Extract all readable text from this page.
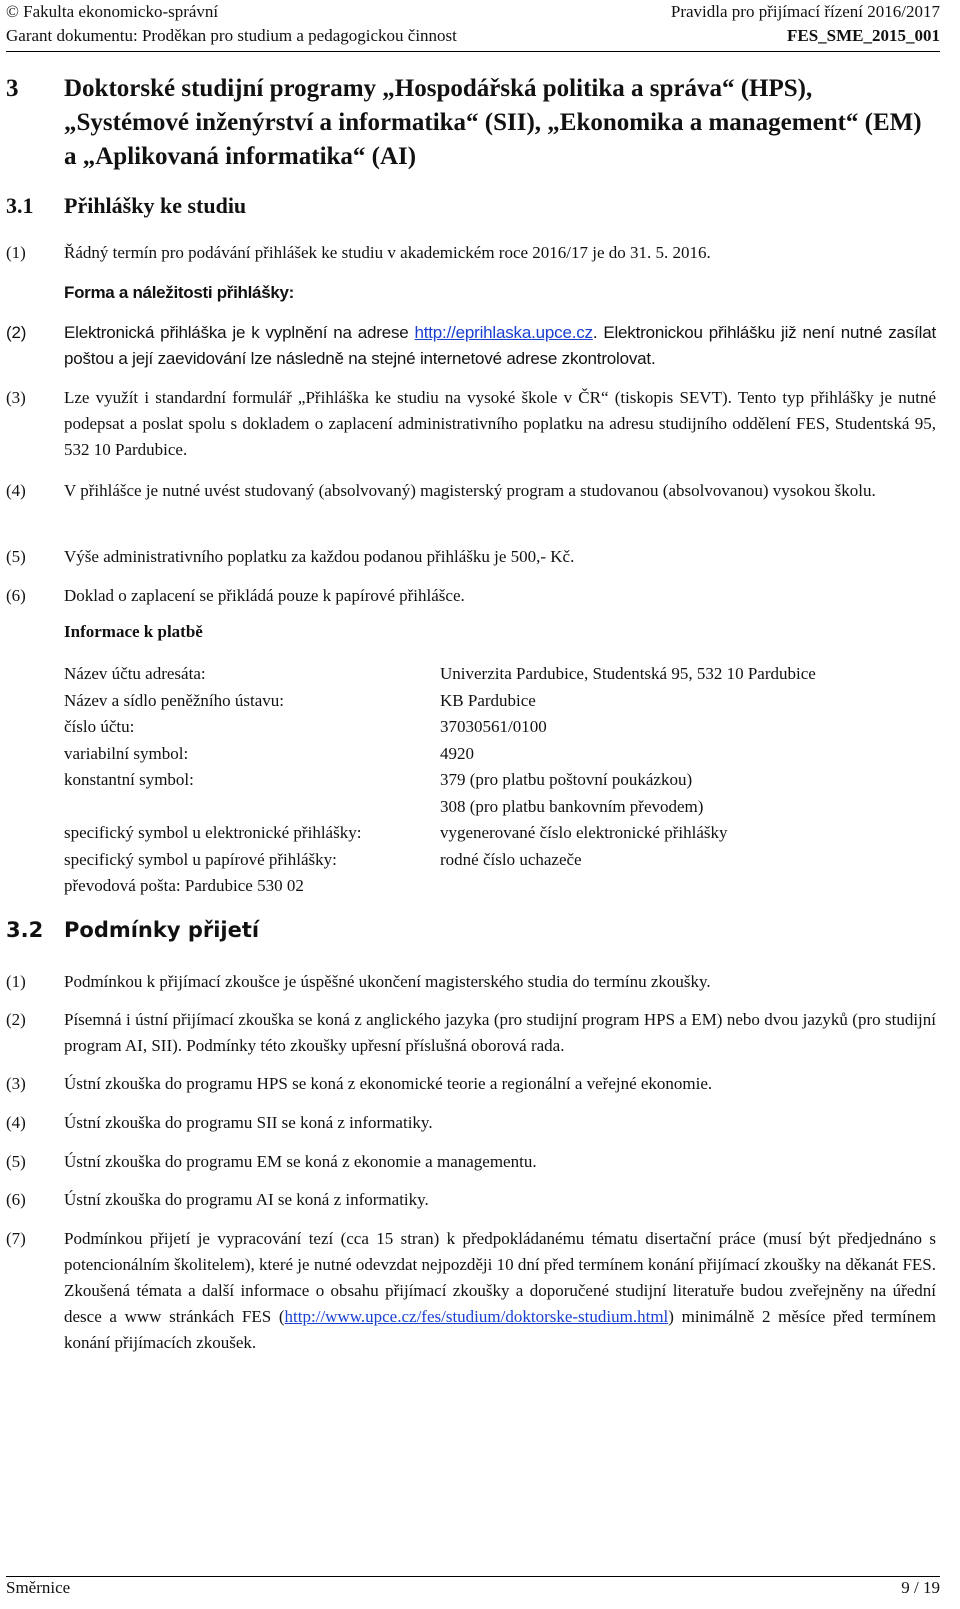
© Fakulta ekonomicko-správní	Pravidla pro přijímací řízení 2016/2017
Garant dokumentu: Proděkan pro studium a pedagogickou činnost	FES_SME_2015_001
3 Doktorské studijní programy „Hospodářská politika a správa“ (HPS), „Systémové inženýrství a informatika“ (SII), „Ekonomika a management“ (EM) a „Aplikovaná informatika“ (AI)
3.1 Přihlášky ke studiu
(1) Řádný termín pro podávání přihlášek ke studiu v akademickém roce 2016/17 je do 31. 5. 2016.
Forma a náležitosti přihlášky:
(2) Elektronická přihláška je k vyplnění na adrese http://eprihlaska.upce.cz. Elektronickou přihlášku již není nutné zasílat poštou a její zaevidování lze následně na stejné internetové adrese zkontrolovat.
(3) Lze využít i standardní formulář „Přihláška ke studiu na vysoké škole v ČR“ (tiskopis SEVT). Tento typ přihlášky je nutné podepsat a poslat spolu s dokladem o zaplacení administrativního poplatku na adresu studijního oddělení FES, Studentská 95, 532 10 Pardubice.
(4) V přihlášce je nutné uvést studovaný (absolvovaný) magisterský program a studovanou (absolvovanou) vysokou školu.
(5) Výše administrativního poplatku za každou podanou přihlášku je 500,- Kč.
(6) Doklad o zaplacení se přikládá pouze k papírové přihlášce.
Informace k platbě
Název účtu adresáta:	Univerzita Pardubice, Studentská 95, 532 10 Pardubice
Název a sídlo peněžního ústavu:	KB Pardubice
číslo účtu:	37030561/0100
variabilní symbol:	4920
konstantní symbol:	379 (pro platbu poštovní poukázkou)
308 (pro platbu bankovním převodem)
specifický symbol u elektronické přihlášky:	vygenerované číslo elektronické přihlášky
specifický symbol u papírové přihlášky:	rodné číslo uchazeče
převodová pošta: Pardubice 530 02
3.2 Podmínky přijetí
(1) Podmínkou k přijímací zkoušce je úspěšné ukončení magisterského studia do termínu zkoušky.
(2) Písemná i ústní přijímací zkouška se koná z anglického jazyka (pro studijní program HPS a EM) nebo dvou jazyků (pro studijní program AI, SII). Podmínky této zkoušky upřesní příslušná oborová rada.
(3) Ústní zkouška do programu HPS se koná z ekonomické teorie a regionální a veřejné ekonomie.
(4) Ústní zkouška do programu SII se koná z informatiky.
(5) Ústní zkouška do programu EM se koná z ekonomie a managementu.
(6) Ústní zkouška do programu AI se koná z informatiky.
(7) Podmínkou přijetí je vypracování tezí (cca 15 stran) k předpokládanému tématu disertační práce (musí být předjednáno s potencionálním školitelem), které je nutné odevzdat nejpozději 10 dní před termínem konání přijímací zkoušky na děkanát FES. Zkoušená témata a další informace o obsahu přijímací zkoušky a doporučené studijní literatuře budou zveřejněny na úřední desce a www stránkách FES (http://www.upce.cz/fes/studium/doktorske-studium.html) minimálně 2 měsíce před termínem konání přijímacích zkoušek.
Směrnice	9 / 19
